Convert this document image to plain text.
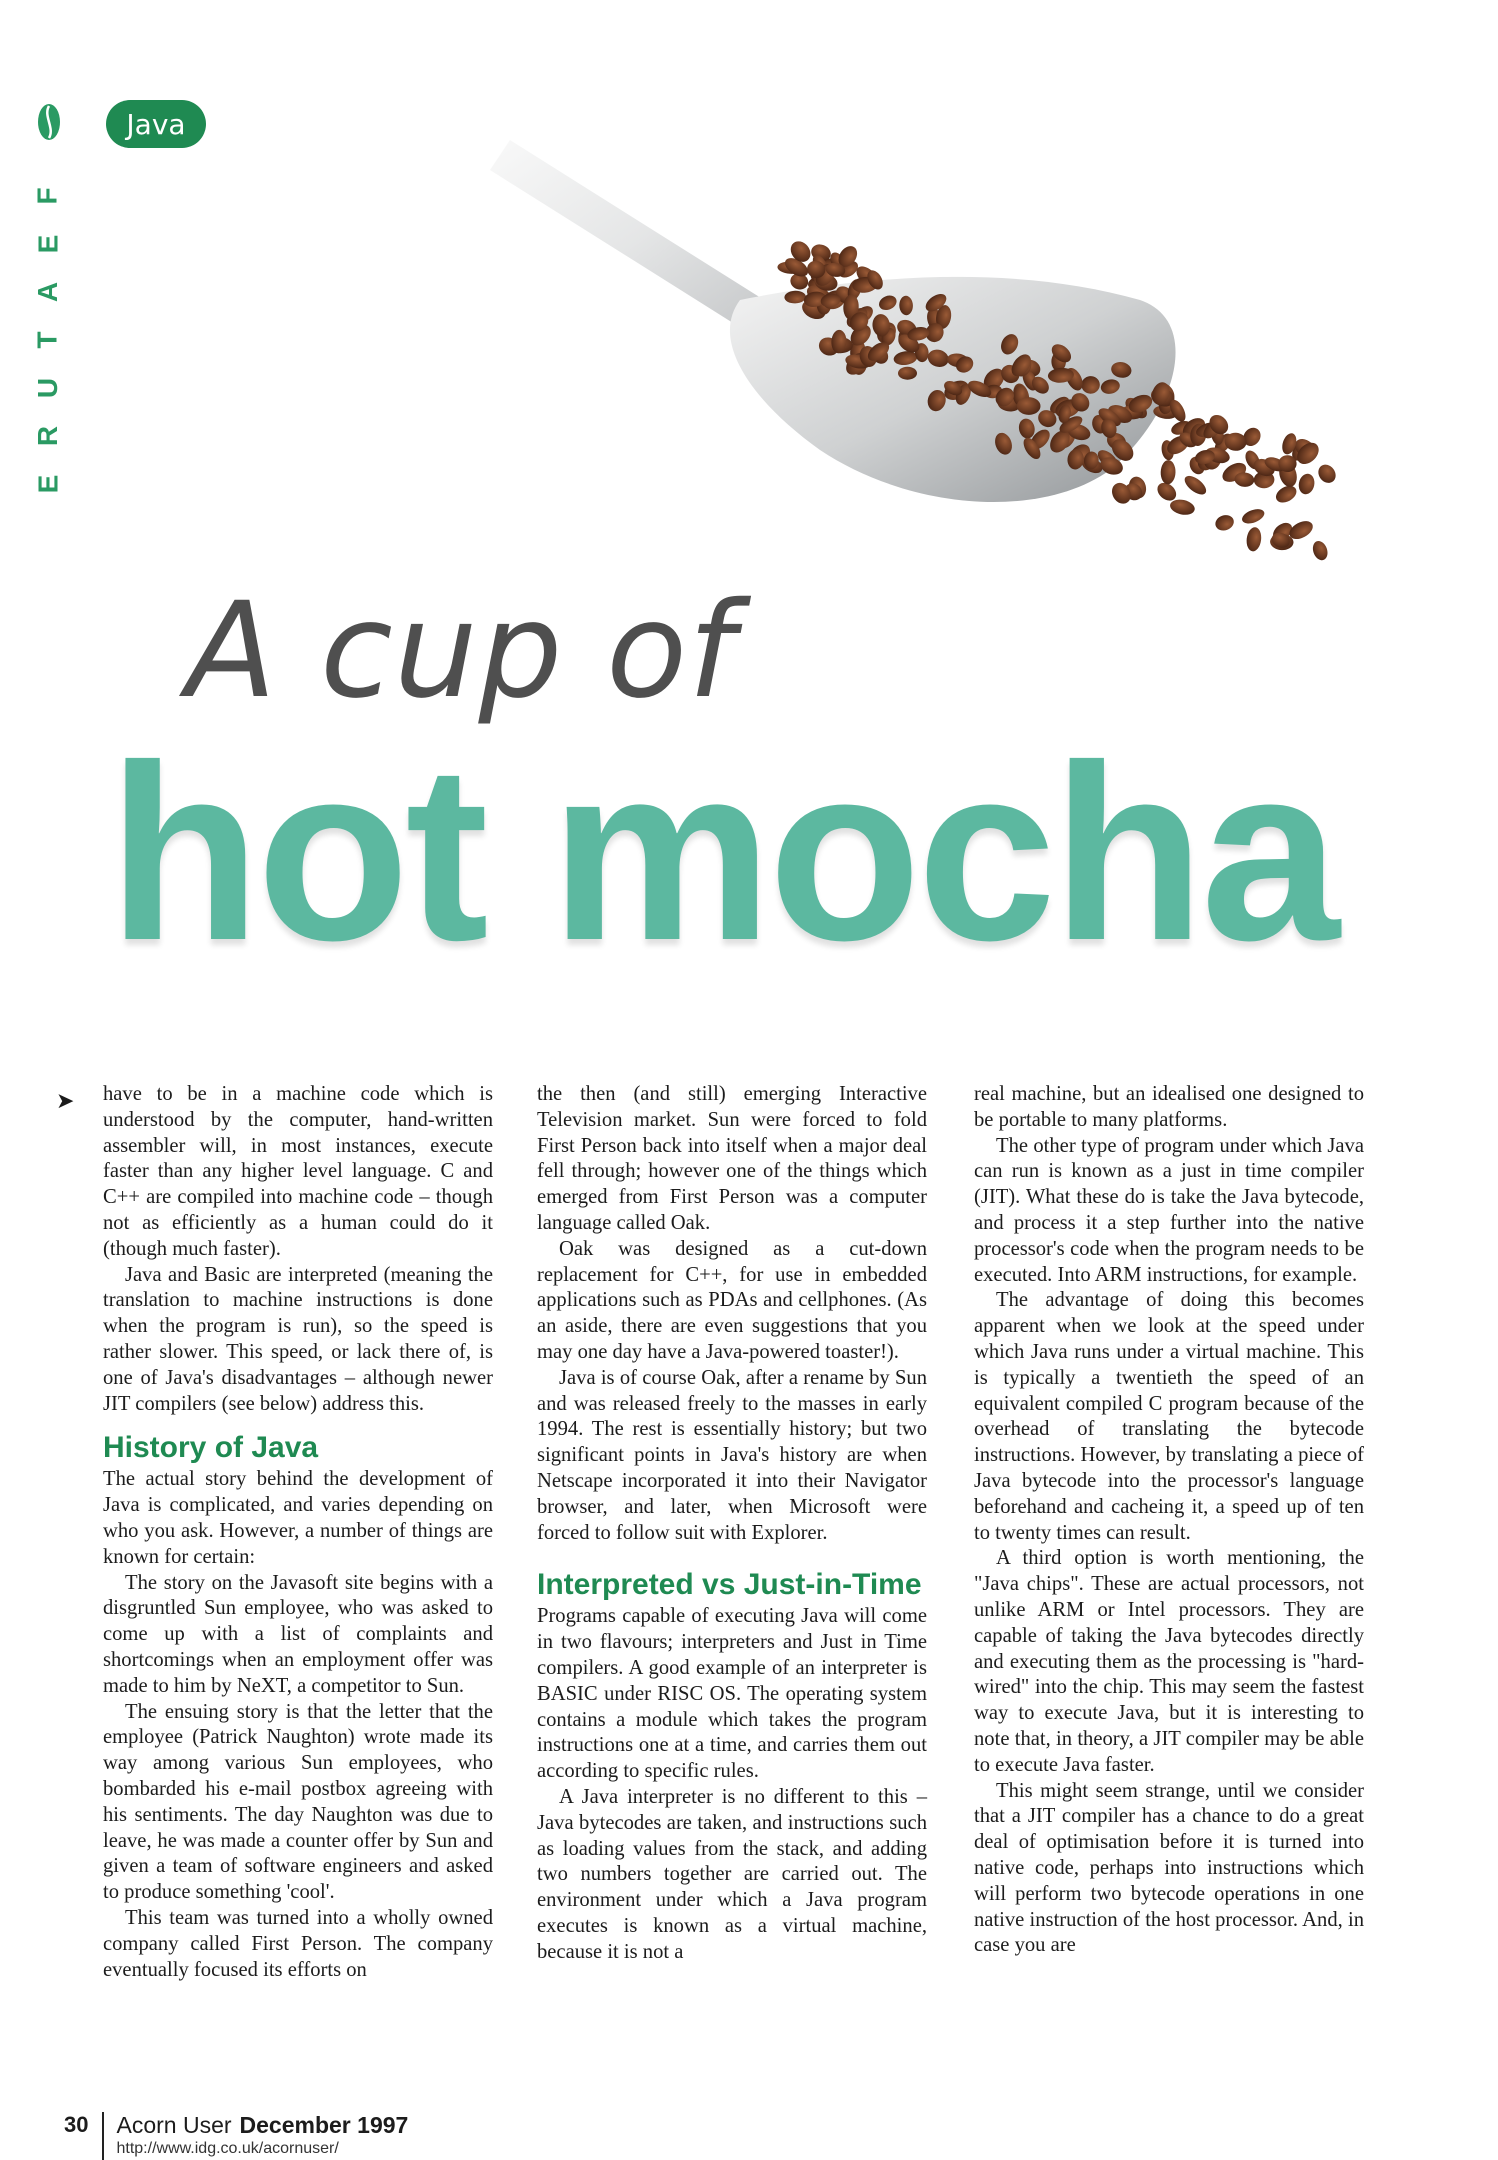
F
E
A
T
U
R
E
Java
A cup of
hot mocha
➤ have to be in a machine code which is understood by the computer, hand-written assembler will, in most instances, execute faster than any higher level language. C and C++ are compiled into machine code – though not as efficiently as a human could do it (though much faster).

Java and Basic are interpreted (meaning the translation to machine instructions is done when the program is run), so the speed is rather slower. This speed, or lack there of, is one of Java's disadvantages – although newer JIT compilers (see below) address this.

History of Java

The actual story behind the development of Java is complicated, and varies depending on who you ask. However, a number of things are known for certain:

The story on the Javasoft site begins with a disgruntled Sun employee, who was asked to come up with a list of complaints and shortcomings when an employment offer was made to him by NeXT, a competitor to Sun.

The ensuing story is that the letter that the employee (Patrick Naughton) wrote made its way among various Sun employees, who bombarded his e-mail postbox agreeing with his sentiments. The day Naughton was due to leave, he was made a counter offer by Sun and given a team of software engineers and asked to produce something 'cool'.

This team was turned into a wholly owned company called First Person. The company eventually focused its efforts on

the then (and still) emerging Interactive Television market. Sun were forced to fold First Person back into itself when a major deal fell through; however one of the things which emerged from First Person was a computer language called Oak.

Oak was designed as a cut-down replacement for C++, for use in embedded applications such as PDAs and cellphones. (As an aside, there are even suggestions that you may one day have a Java-powered toaster!).

Java is of course Oak, after a rename by Sun and was released freely to the masses in early 1994. The rest is essentially history; but two significant points in Java's history are when Netscape incorporated it into their Navigator browser, and later, when Microsoft were forced to follow suit with Explorer.

Interpreted vs Just-in-Time

Programs capable of executing Java will come in two flavours; interpreters and Just in Time compilers. A good example of an interpreter is BASIC under RISC OS. The operating system contains a module which takes the program instructions one at a time, and carries them out according to specific rules.

A Java interpreter is no different to this – Java bytecodes are taken, and instructions such as loading values from the stack, and adding two numbers together are carried out. The environment under which a Java program executes is known as a virtual machine, because it is not a

real machine, but an idealised one designed to be portable to many platforms.

The other type of program under which Java can run is known as a just in time compiler (JIT). What these do is take the Java bytecode, and process it a step further into the native processor's code when the program needs to be executed. Into ARM instructions, for example.

The advantage of doing this becomes apparent when we look at the speed under which Java runs under a virtual machine. This is typically a twentieth the speed of an equivalent compiled C program because of the overhead of translating the bytecode instructions. However, by translating a piece of Java bytecode into the processor's language beforehand and cacheing it, a speed up of ten to twenty times can result.

A third option is worth mentioning, the "Java chips". These are actual processors, not unlike ARM or Intel processors. They are capable of taking the Java bytecodes directly and executing them as the processing is "hard-wired" into the chip. This may seem the fastest way to execute Java, but it is interesting to note that, in theory, a JIT compiler may be able to execute Java faster.

This might seem strange, until we consider that a JIT compiler has a chance to do a great deal of optimisation before it is turned into native code, perhaps into instructions which will perform two bytecode operations in one native instruction of the host processor. And, in case you are

30	Acorn User December 1997
http://www.idg.co.uk/acornuser/
